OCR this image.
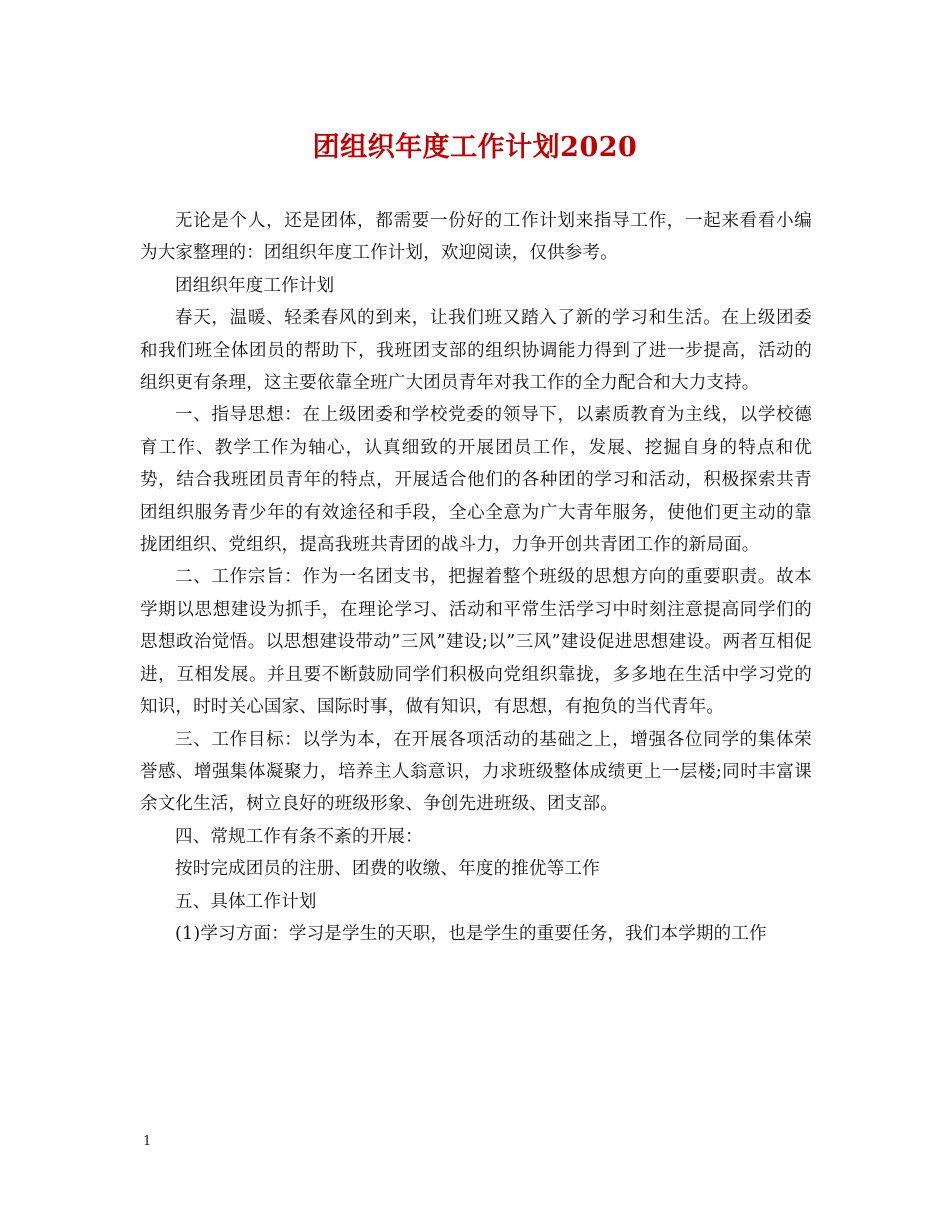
团组织年度工作计划2020

无论是个人，还是团体，都需要一份好的工作计划来指导工作，一起来看看小编为大家整理的：团组织年度工作计划，欢迎阅读，仅供参考。

团组织年度工作计划

春天，温暖、轻柔春风的到来，让我们班又踏入了新的学习和生活。在上级团委和我们班全体团员的帮助下，我班团支部的组织协调能力得到了进一步提高，活动的组织更有条理，这主要依靠全班广大团员青年对我工作的全力配合和大力支持。

一、指导思想：在上级团委和学校党委的领导下，以素质教育为主线，以学校德育工作、教学工作为轴心，认真细致的开展团员工作，发展、挖掘自身的特点和优势，结合我班团员青年的特点，开展适合他们的各种团的学习和活动，积极探索共青团组织服务青少年的有效途径和手段，全心全意为广大青年服务，使他们更主动的靠拢团组织、党组织，提高我班共青团的战斗力，力争开创共青团工作的新局面。

二、工作宗旨：作为一名团支书，把握着整个班级的思想方向的重要职责。故本学期以思想建设为抓手，在理论学习、活动和平常生活学习中时刻注意提高同学们的思想政治觉悟。以思想建设带动”三风”建设;以”三风”建设促进思想建设。两者互相促进，互相发展。并且要不断鼓励同学们积极向党组织靠拢，多多地在生活中学习党的知识，时时关心国家、国际时事，做有知识，有思想，有抱负的当代青年。

三、工作目标：以学为本，在开展各项活动的基础之上，增强各位同学的集体荣誉感、增强集体凝聚力，培养主人翁意识，力求班级整体成绩更上一层楼;同时丰富课余文化生活，树立良好的班级形象、争创先进班级、团支部。

四、常规工作有条不紊的开展：

按时完成团员的注册、团费的收缴、年度的推优等工作

五、具体工作计划

(1)学习方面：学习是学生的天职，也是学生的重要任务，我们本学期的工作

1
